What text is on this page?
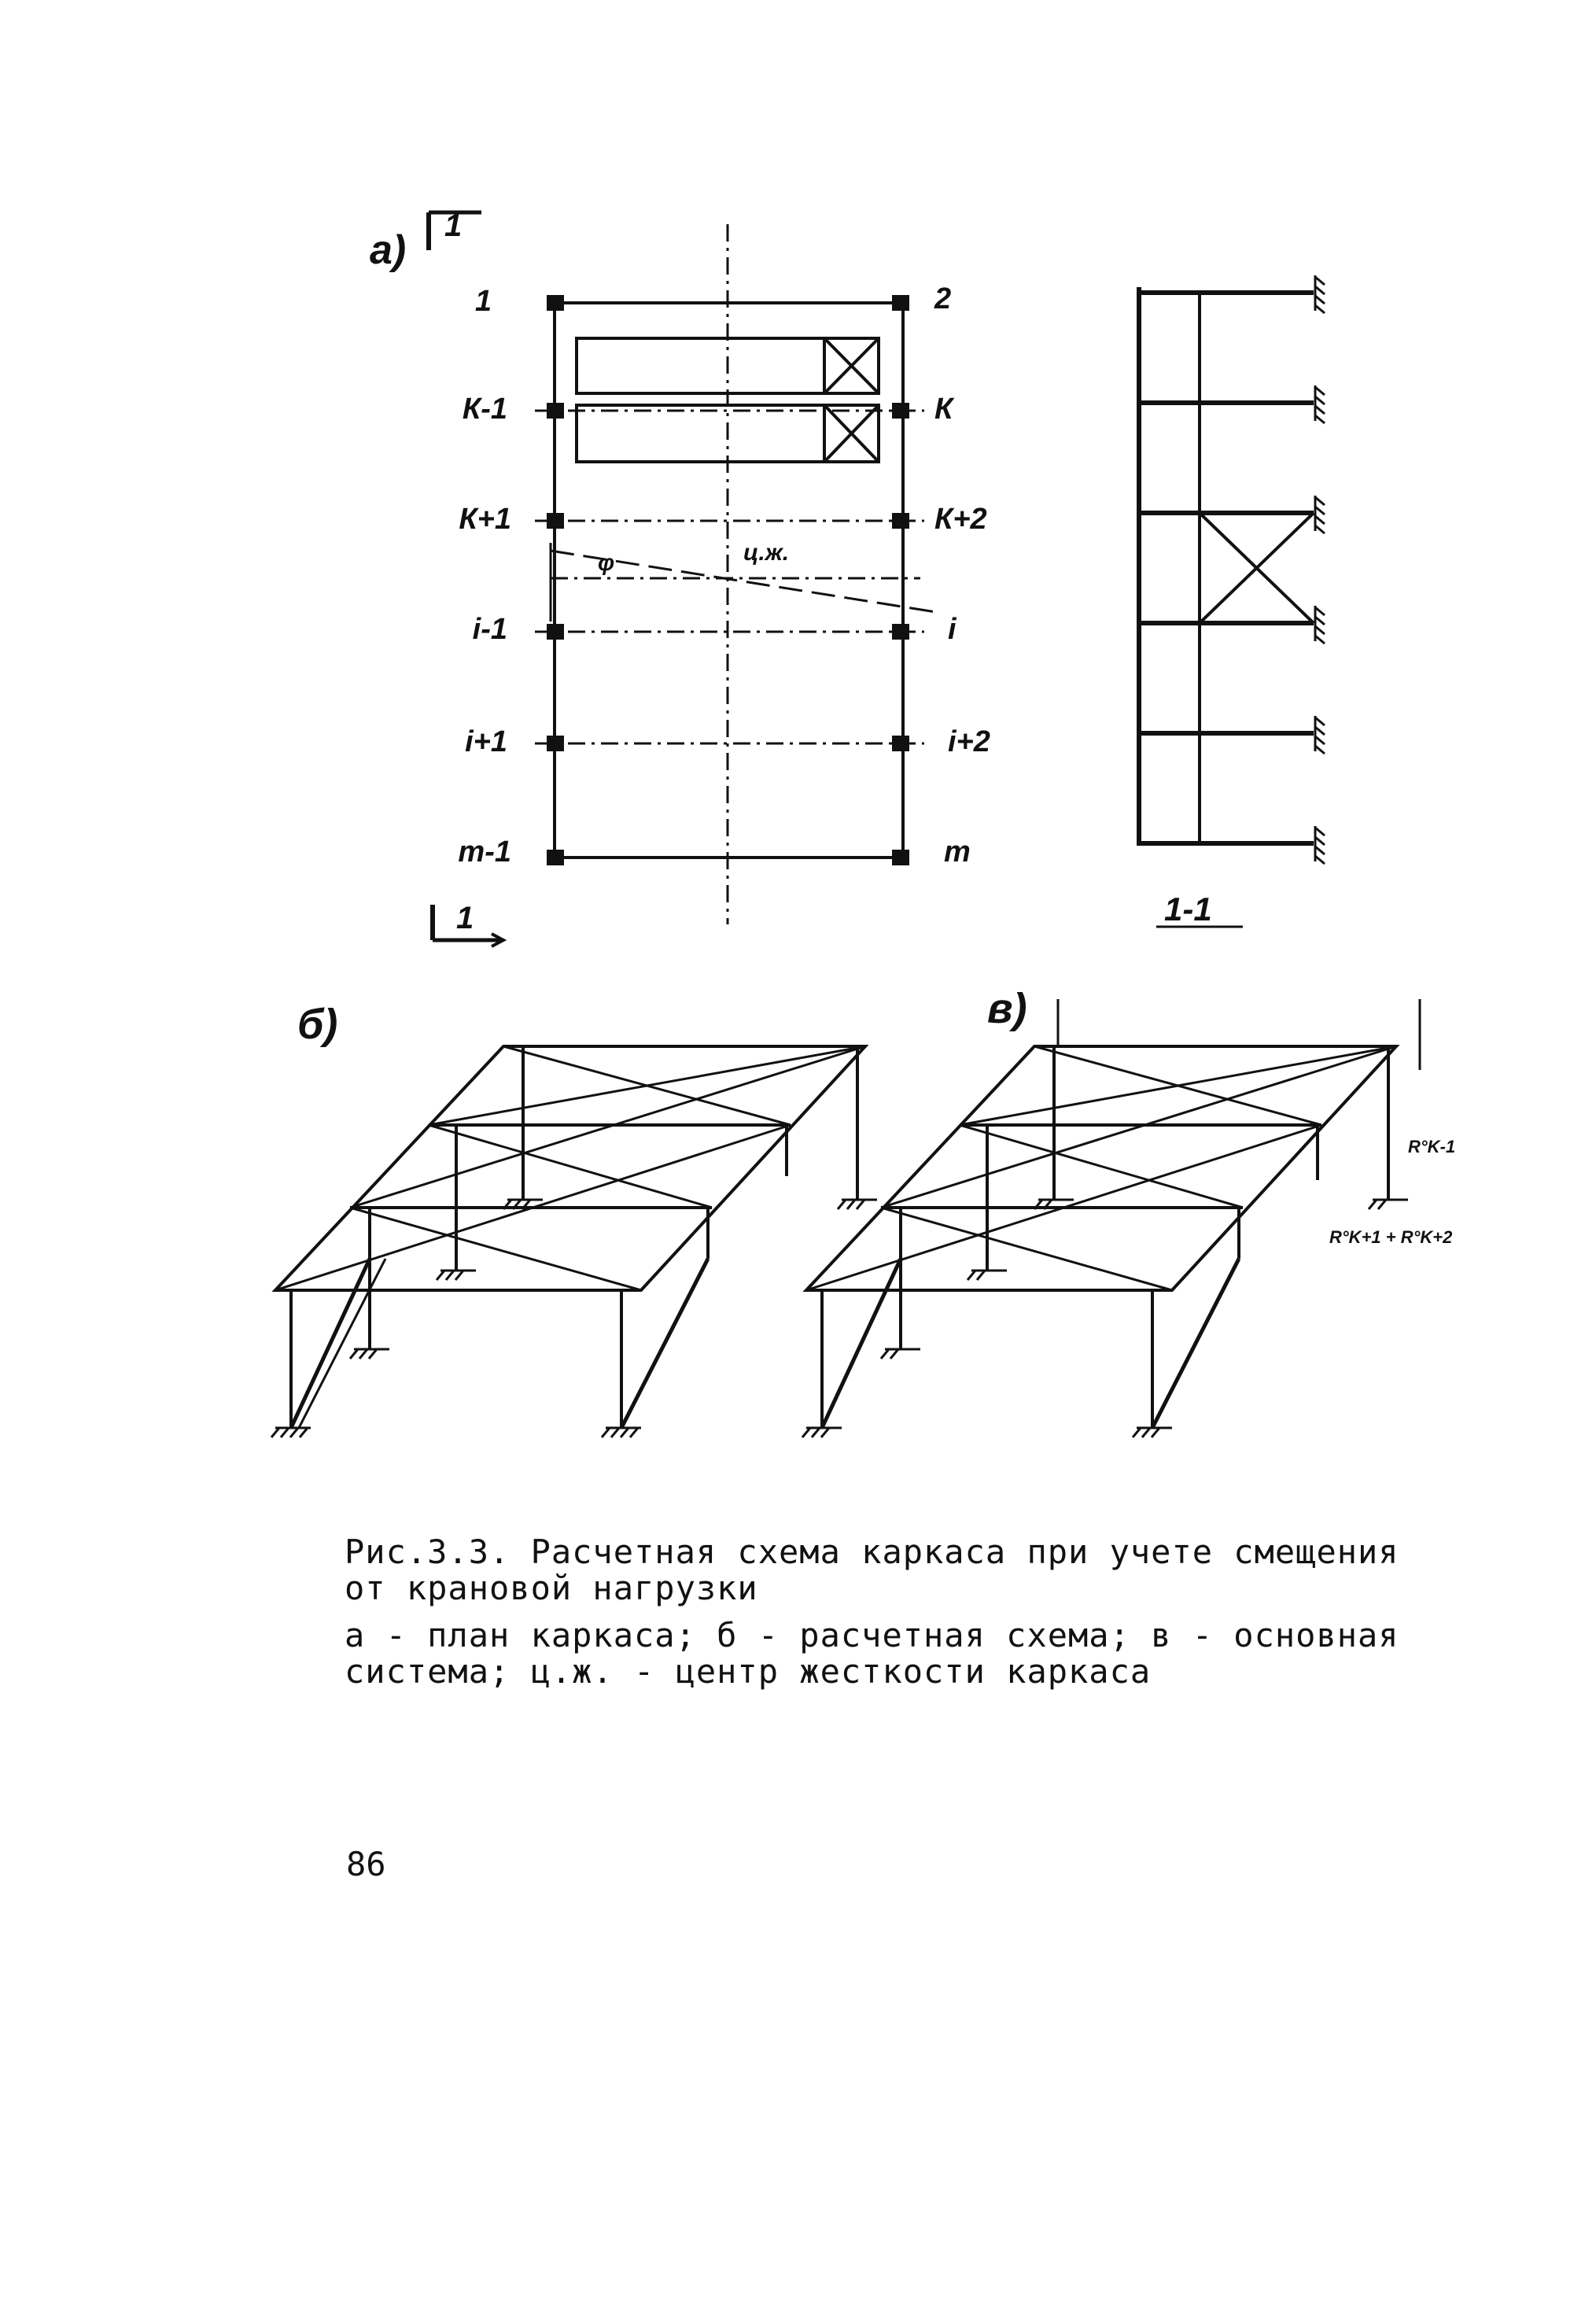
а)
1
1
1
К-1
К+1
i-1
i+1
m-1
2
К
К+2
i
i+2
m
φ	ц.ж.
1-1
б)	в)
R°K-1
R°K+1 + R°K+2
Рис.3.3. Расчетная схема каркаса при учете смещения от крановой нагрузки
а - план каркаса; б - расчетная схема; в - основная система; ц.ж. - центр жесткости каркаса
86
